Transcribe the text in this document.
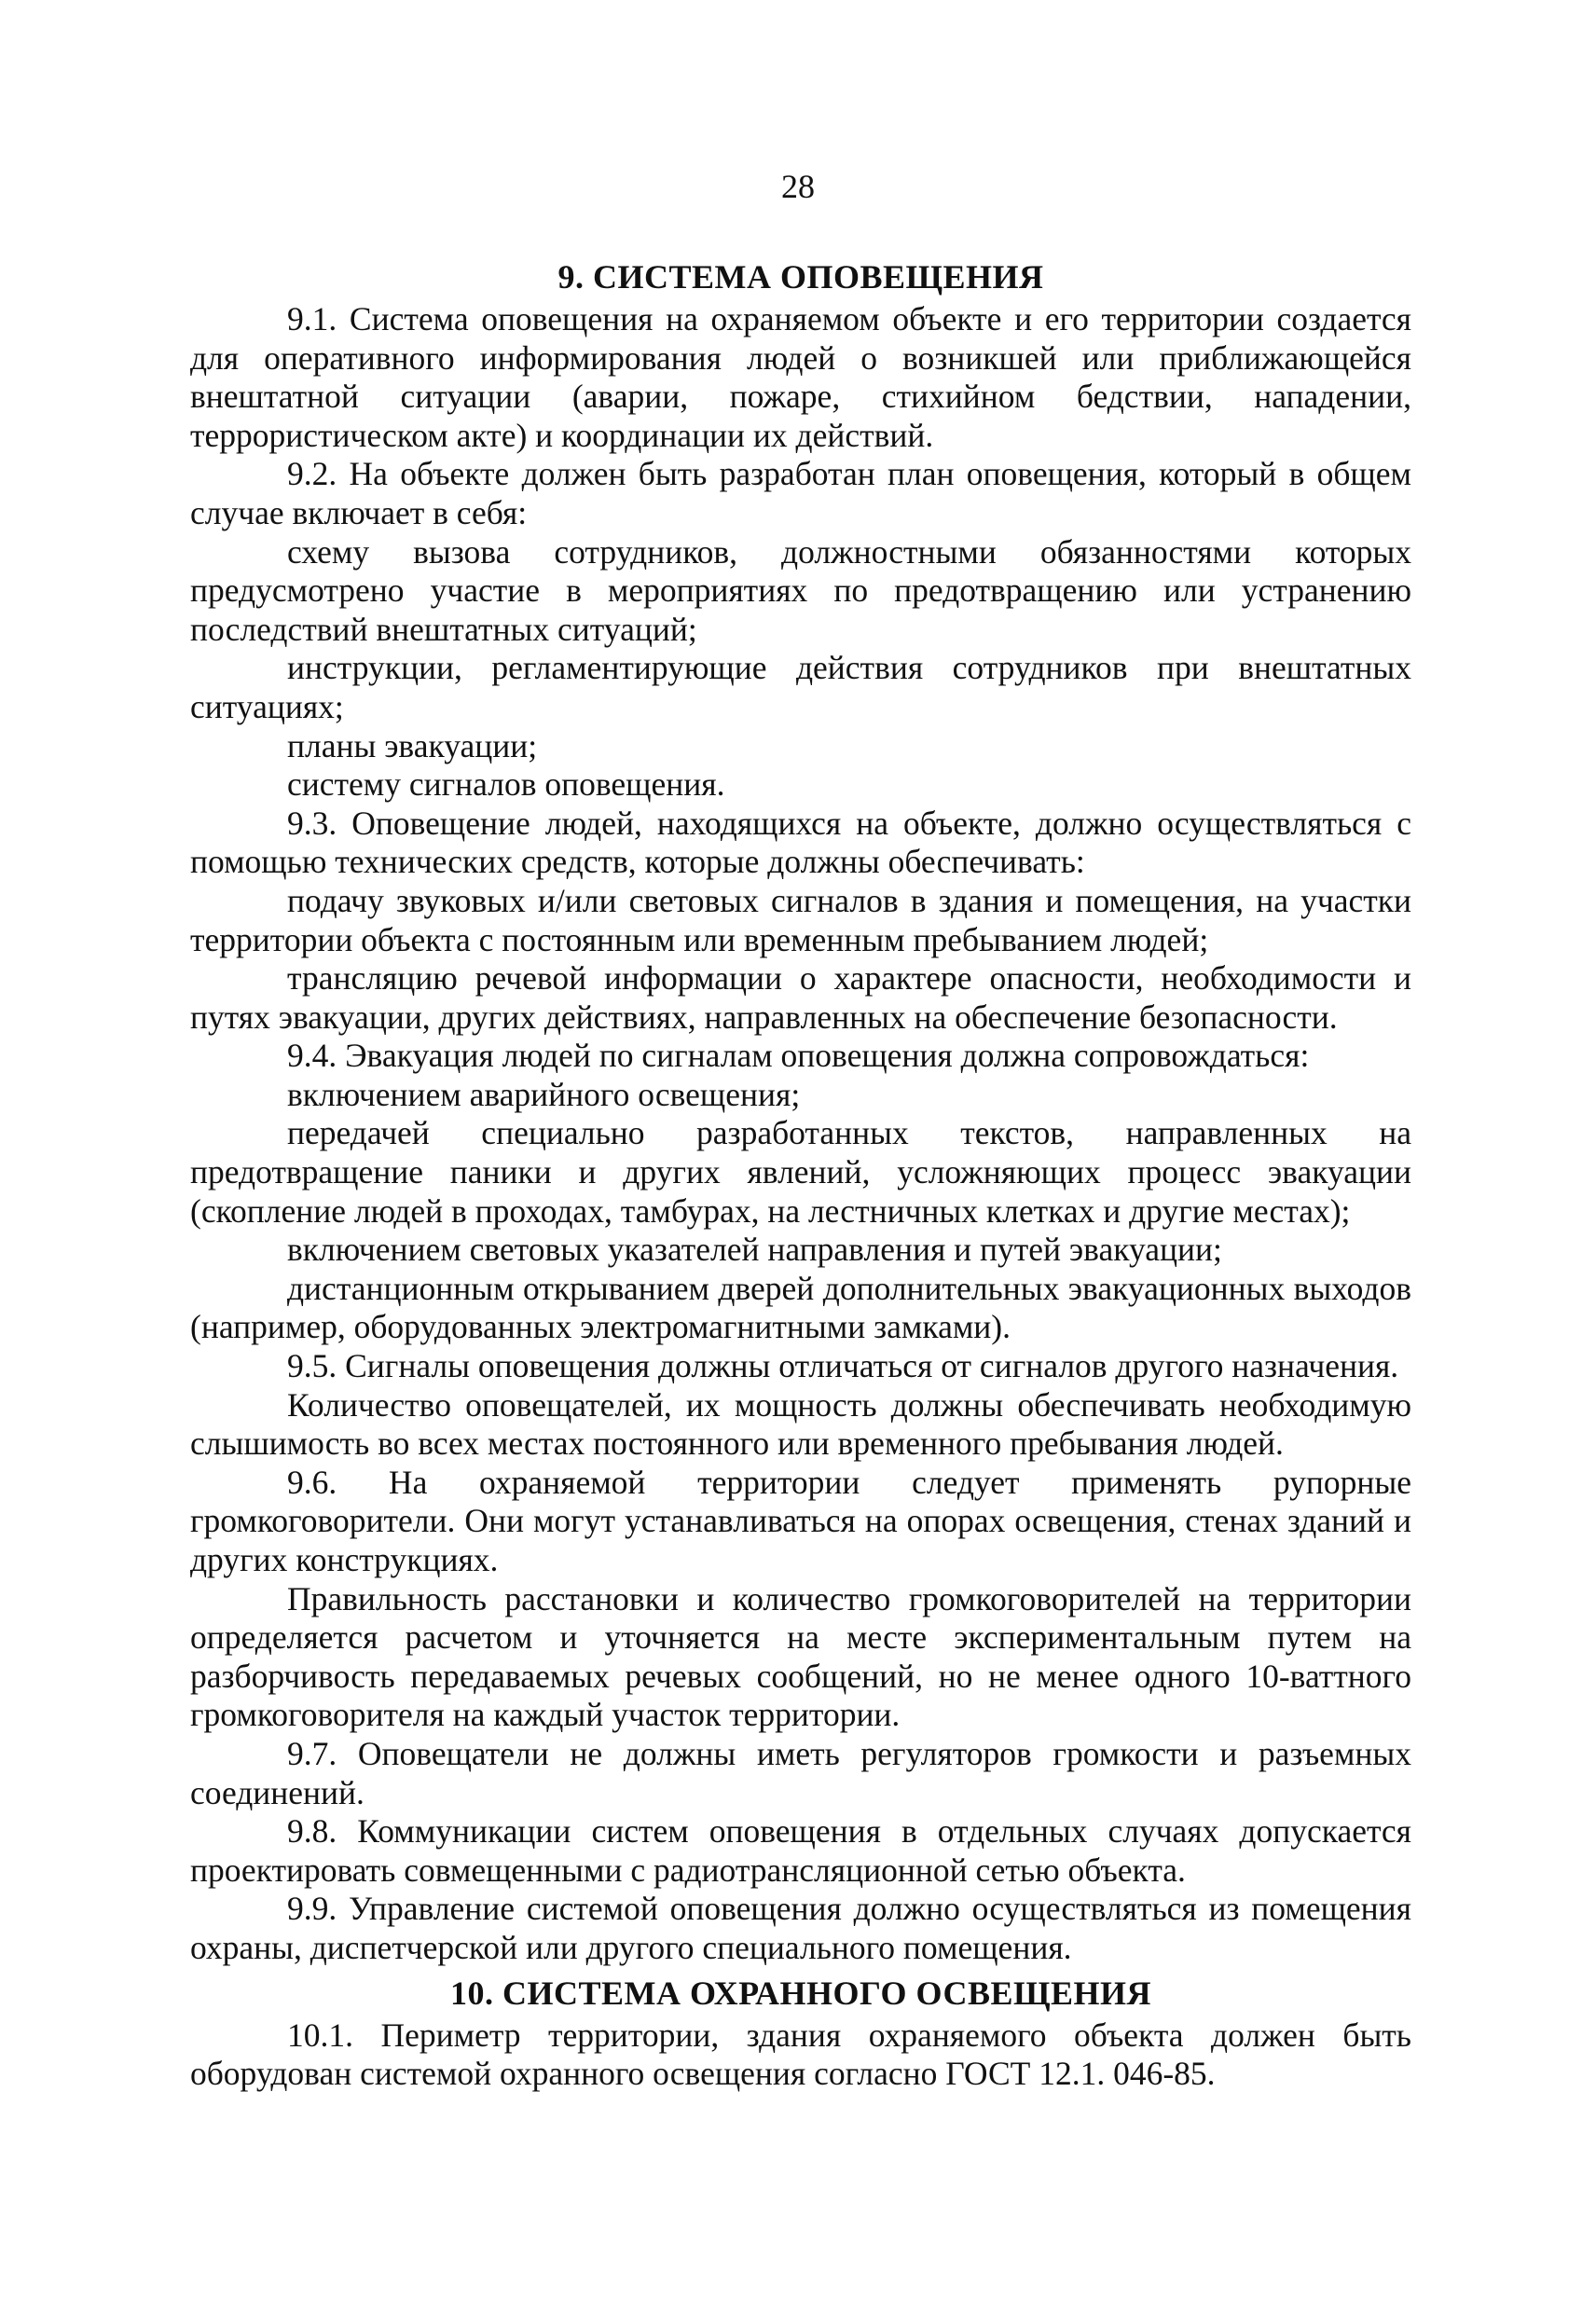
28
9. СИСТЕМА ОПОВЕЩЕНИЯ

9.1. Система оповещения на охраняемом объекте и его территории создается для оперативного информирования людей о возникшей или приближающейся внештатной ситуации (аварии, пожаре, стихийном бедствии, нападении, террористическом акте) и координации их действий.

9.2. На объекте должен быть разработан план оповещения, который в общем случае включает в себя:

схему вызова сотрудников, должностными обязанностями которых предусмотрено участие в мероприятиях по предотвращению или устранению последствий внештатных ситуаций;

инструкции, регламентирующие действия сотрудников при внештатных ситуациях;

планы эвакуации;

систему сигналов оповещения.

9.3. Оповещение людей, находящихся на объекте, должно осуществляться с помощью технических средств, которые должны обеспечивать:

подачу звуковых и/или световых сигналов в здания и помещения, на участки территории объекта с постоянным или временным пребыванием людей;

трансляцию речевой информации о характере опасности, необходимости и путях эвакуации, других действиях, направленных на обеспечение безопасности.

9.4. Эвакуация людей по сигналам оповещения должна сопровождаться:

включением аварийного освещения;

передачей специально разработанных текстов, направленных на предотвращение паники и других явлений, усложняющих процесс эвакуации (скопление людей в проходах, тамбурах, на лестничных клетках и другие местах);

включением световых указателей направления и путей эвакуации;

дистанционным открыванием дверей дополнительных эвакуационных выходов (например, оборудованных электромагнитными замками).

9.5. Сигналы оповещения должны отличаться от сигналов другого назначения.

Количество оповещателей, их мощность должны обеспечивать необходимую слышимость во всех местах постоянного или временного пребывания людей.

9.6. На охраняемой территории следует применять рупорные громкоговорители. Они могут устанавливаться на опорах освещения, стенах зданий и других конструкциях.

Правильность расстановки и количество громкоговорителей на территории определяется расчетом и уточняется на месте экспериментальным путем на разборчивость передаваемых речевых сообщений, но не менее одного 10-ваттного громкоговорителя на каждый участок территории.

9.7. Оповещатели не должны иметь регуляторов громкости и разъемных соединений.

9.8. Коммуникации систем оповещения в отдельных случаях допускается проектировать совмещенными с радиотрансляционной сетью объекта.

9.9. Управление системой оповещения должно осуществляться из помещения охраны, диспетчерской или другого специального помещения.

10. СИСТЕМА ОХРАННОГО ОСВЕЩЕНИЯ

10.1. Периметр территории, здания охраняемого объекта должен быть оборудован системой охранного освещения согласно ГОСТ 12.1. 046-85.
